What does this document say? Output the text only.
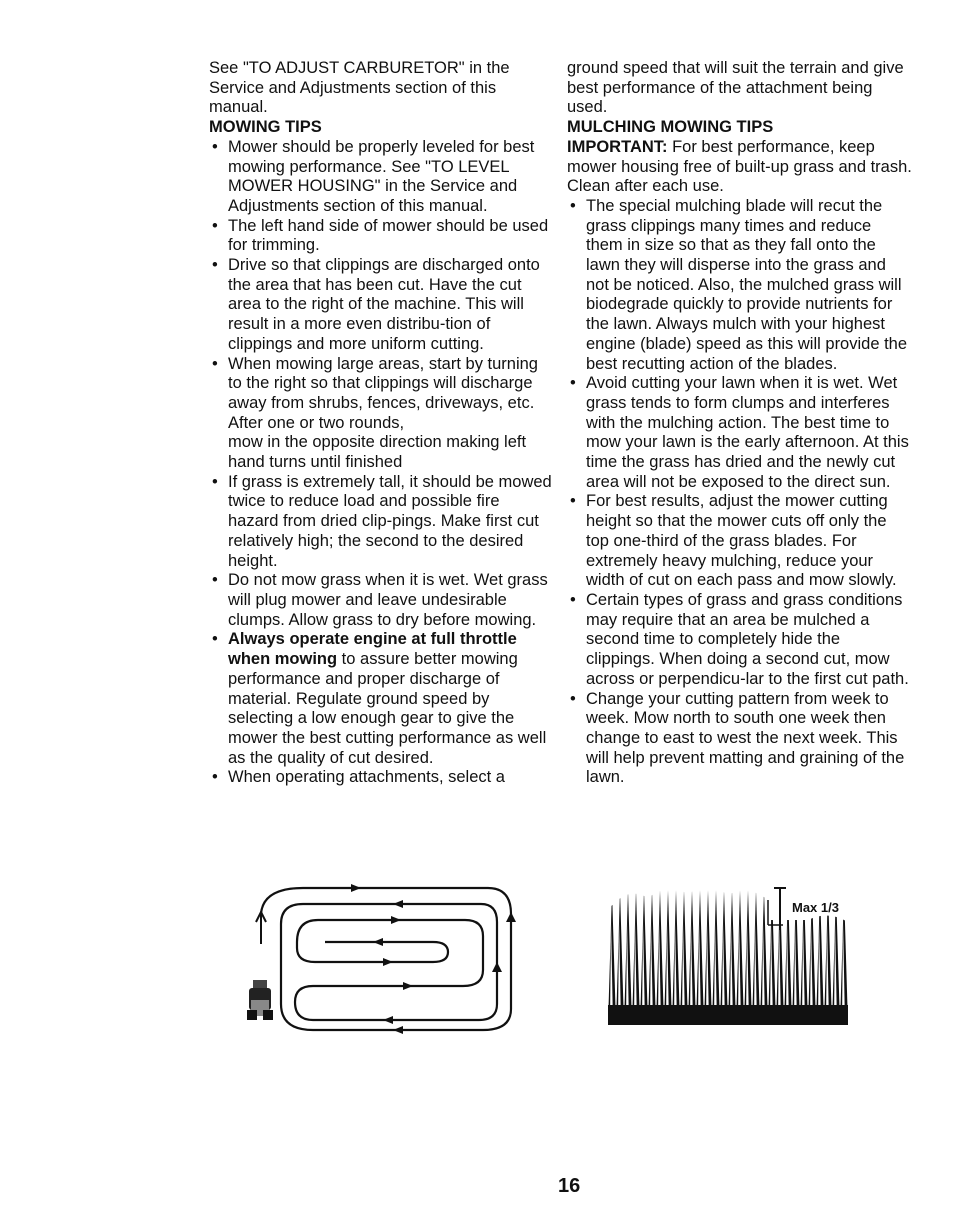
See "TO ADJUST CARBURETOR" in the Service and Adjustments section of this manual.

MOWING TIPS

• Mower should be properly leveled for best mowing performance. See "TO LEVEL MOWER HOUSING" in the Service and Adjustments section of this manual.
• The left hand side of mower should be used for trimming.
• Drive so that clippings are discharged onto the area that has been cut. Have the cut area to the right of the machine. This will result in a more even distribu-tion of clippings and more uniform cutting.
• When mowing large areas, start by turning to the right so that clippings will discharge away from shrubs, fences, driveways, etc. After one or two rounds,
mow in the opposite direction making left hand turns until finished
• If grass is extremely tall, it should be mowed twice to reduce load and possible fire hazard from dried clip-pings. Make first cut relatively high; the second to the desired height.
• Do not mow grass when it is wet. Wet grass will plug mower and leave undesirable clumps. Allow grass to dry before mowing.
• Always operate engine at full throttle when mowing to assure better mowing performance and proper discharge of material. Regulate ground speed by selecting a low enough gear to give the mower the best cutting performance as well as the quality of cut desired.
• When operating attachments, select a

ground speed that will suit the terrain and give best performance of the attachment being used.

MULCHING MOWING TIPS

IMPORTANT: For best performance, keep mower housing free of built-up grass and trash. Clean after each use.

• The special mulching blade will recut the grass clippings many times and reduce them in size so that as they fall onto the lawn they will disperse into the grass and not be noticed. Also, the mulched grass will biodegrade quickly to provide nutrients for the lawn. Always mulch with your highest engine (blade) speed as this will provide the best recutting action of the blades.
• Avoid cutting your lawn when it is wet. Wet grass tends to form clumps and interferes with the mulching action. The best time to mow your lawn is the early afternoon. At this time the grass has dried and the newly cut area will not be exposed to the direct sun.
• For best results, adjust the mower cutting height so that the mower cuts off only the top one-third of the grass blades. For extremely heavy mulching, reduce your width of cut on each pass and mow slowly.
• Certain types of grass and grass conditions may require that an area be mulched a second time to completely hide the clippings. When doing a second cut, mow across or perpendicu-lar to the first cut path.
• Change your cutting pattern from week to week. Mow north to south one week then change to east to west the next week. This will help prevent matting and graining of the lawn.
Max 1/3
16
